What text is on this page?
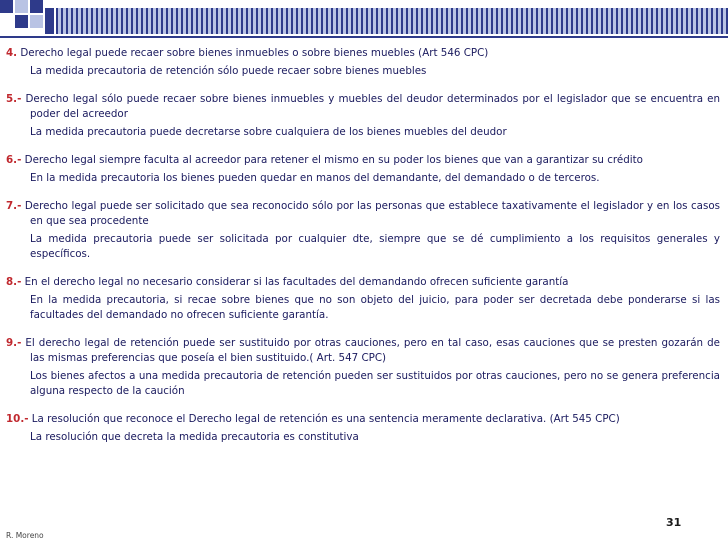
4. Derecho legal puede recaer sobre bienes inmuebles o sobre bienes muebles (Art 546 CPC)

La medida precautoria de retención sólo puede recaer sobre bienes muebles

5.- Derecho legal sólo puede recaer sobre bienes inmuebles y muebles del deudor determinados por el legislador que se encuentra en poder del acreedor

La medida precautoria puede decretarse sobre cualquiera de los bienes muebles del deudor

6.- Derecho legal siempre faculta al acreedor para retener el mismo en su poder los bienes que van a garantizar su crédito

En la medida precautoria los bienes pueden quedar en manos del demandante, del demandado o de terceros.

7.- Derecho legal puede ser solicitado que sea reconocido sólo por las personas que establece taxativamente el legislador y en los casos en que sea procedente

La medida precautoria puede ser solicitada por cualquier dte, siempre que se dé cumplimiento a los requisitos generales y específicos.

8.- En el derecho legal no necesario considerar si las facultades del demandando ofrecen suficiente garantía

En la medida precautoria, si recae sobre bienes que no son objeto del juicio, para poder ser decretada debe ponderarse si las facultades del demandado no ofrecen suficiente garantía.

9.- El derecho legal de retención puede ser sustituido por otras cauciones, pero en tal caso, esas cauciones que se presten gozarán de las mismas preferencias que poseía el bien sustituido.( Art. 547 CPC)

Los bienes afectos a una medida precautoria de retención pueden ser sustituidos por otras cauciones, pero no se genera preferencia alguna respecto de la caución

10.- La resolución que reconoce el Derecho legal de retención es una sentencia meramente declarativa. (Art 545 CPC)

La resolución que decreta la medida precautoria es constitutiva

31
R. Moreno
